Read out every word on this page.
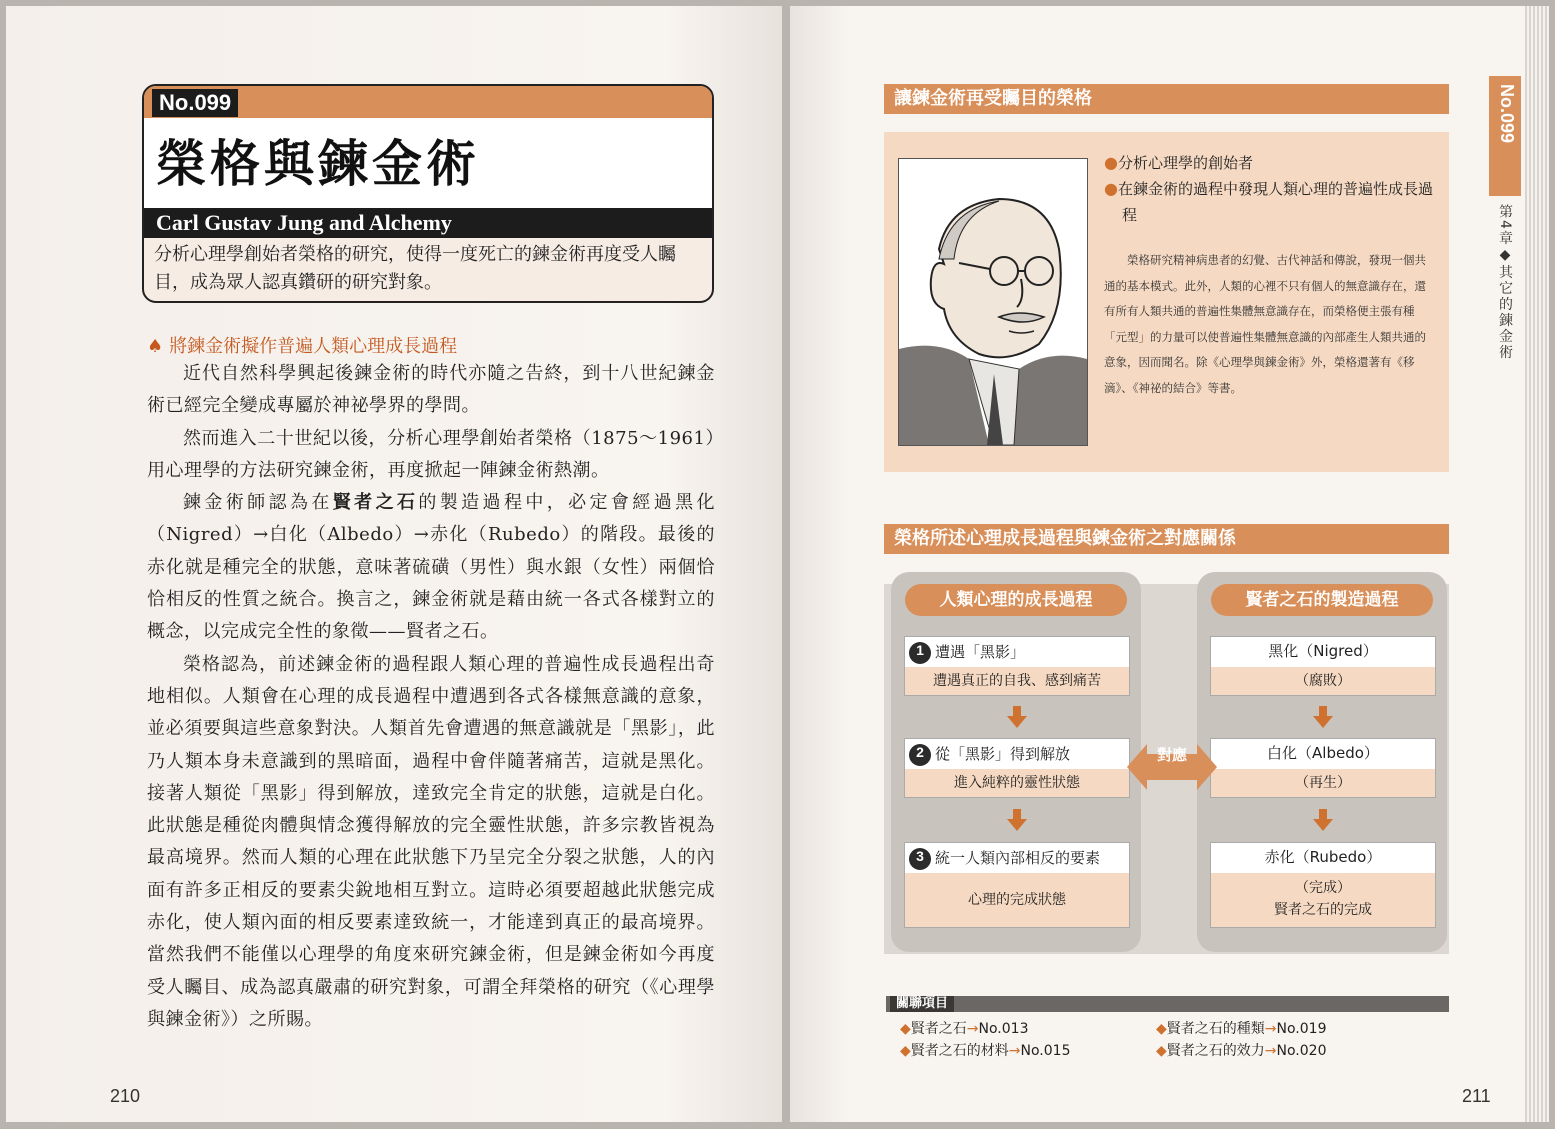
No.099
榮格與鍊金術
Carl Gustav Jung and Alchemy
分析心理學創始者榮格的研究，使得一度死亡的鍊金術再度受人矚目，成為眾人認真鑽研的研究對象。
♠ 將鍊金術擬作普遍人類心理成長過程

近代自然科學興起後鍊金術的時代亦隨之告終，到十八世紀鍊金術已經完全變成專屬於神祕學界的學問。

然而進入二十世紀以後，分析心理學創始者榮格（1875～1961）用心理學的方法研究鍊金術，再度掀起一陣鍊金術熱潮。

鍊金術師認為在賢者之石的製造過程中，必定會經過黑化（Nigred）→白化（Albedo）→赤化（Rubedo）的階段。最後的赤化就是種完全的狀態，意味著硫磺（男性）與水銀（女性）兩個恰恰相反的性質之統合。換言之，鍊金術就是藉由統一各式各樣對立的概念，以完成完全性的象徵——賢者之石。

榮格認為，前述鍊金術的過程跟人類心理的普遍性成長過程出奇地相似。人類會在心理的成長過程中遭遇到各式各樣無意識的意象，並必須要與這些意象對決。人類首先會遭遇的無意識就是「黑影」，此乃人類本身未意識到的黑暗面，過程中會伴隨著痛苦，這就是黑化。接著人類從「黑影」得到解放，達致完全肯定的狀態，這就是白化。此狀態是種從肉體與情念獲得解放的完全靈性狀態，許多宗教皆視為最高境界。然而人類的心理在此狀態下乃呈完全分裂之狀態，人的內面有許多正相反的要素尖銳地相互對立。這時必須要超越此狀態完成赤化，使人類內面的相反要素達致統一，才能達到真正的最高境界。當然我們不能僅以心理學的角度來研究鍊金術，但是鍊金術如今再度受人矚目、成為認真嚴肅的研究對象，可謂全拜榮格的研究（《心理學與鍊金術》）之所賜。

210
讓鍊金術再受矚目的榮格
●分析心理學的創始者
●在鍊金術的過程中發現人類心理的普遍性成長過程
榮格研究精神病患者的幻覺、古代神話和傳說，發現一個共通的基本模式。此外，人類的心裡不只有個人的無意識存在，還有所有人類共通的普遍性集體無意識存在，而榮格便主張有種「元型」的力量可以使普遍性集體無意識的內部產生人類共通的意象，因而聞名。除《心理學與鍊金術》外，榮格還著有《移滴》、《神祕的結合》等書。
榮格所述心理成長過程與鍊金術之對應關係
人類心理的成長過程	賢者之石的製造過程
1 遭遇「黑影」
遭遇真正的自我、感到痛苦
2 從「黑影」得到解放
進入純粹的靈性狀態
3 統一人類內部相反的要素
心理的完成狀態
黑化（Nigred）
（腐敗）
白化（Albedo）
（再生）
赤化（Rubedo）
（完成）
賢者之石的完成
對應
關聯項目
◆賢者之石→No.013
◆賢者之石的材料→No.015
◆賢者之石的種類→No.019
◆賢者之石的效力→No.020
No.099
第4章◆其它的鍊金術
211
